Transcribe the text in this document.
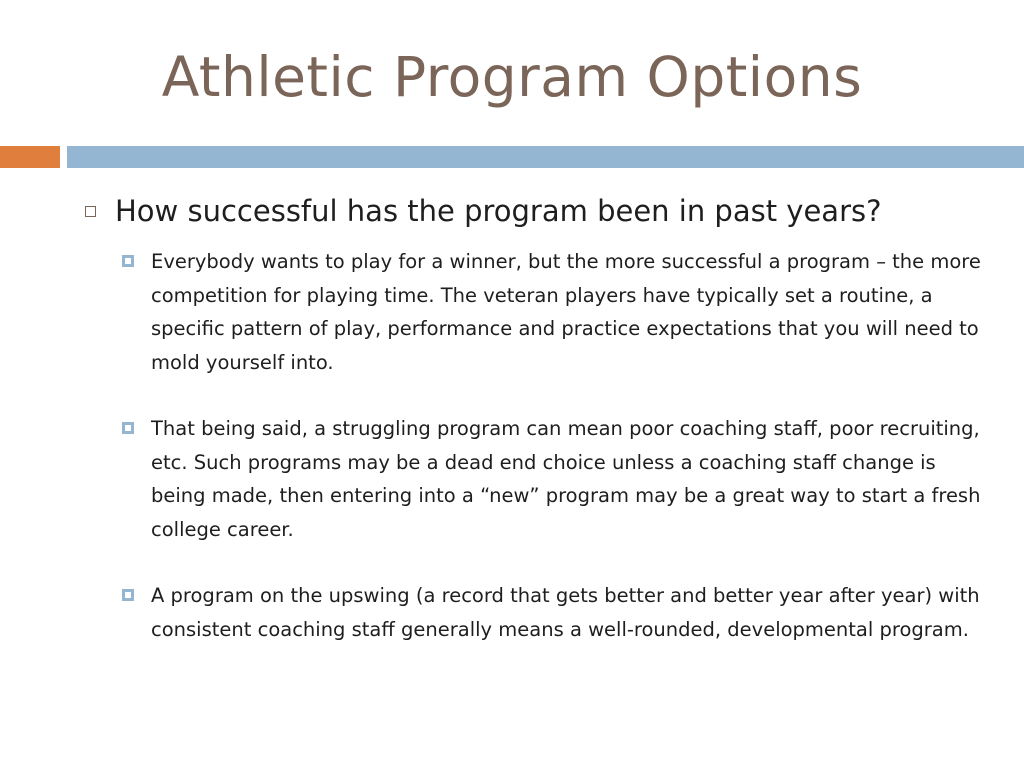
Athletic Program Options
How successful has the program been in past years?
Everybody wants to play for a winner, but the more successful a program – the more competition for playing time. The veteran players have typically set a routine, a specific pattern of play, performance and practice expectations that you will need to mold yourself into.
That being said, a struggling program can mean poor coaching staff, poor recruiting, etc. Such programs may be a dead end choice unless a coaching staff change is being made, then entering into a “new” program may be a great way to start a fresh college career.
A program on the upswing (a record that gets better and better year after year) with consistent coaching staff generally means a well-rounded, developmental program.
